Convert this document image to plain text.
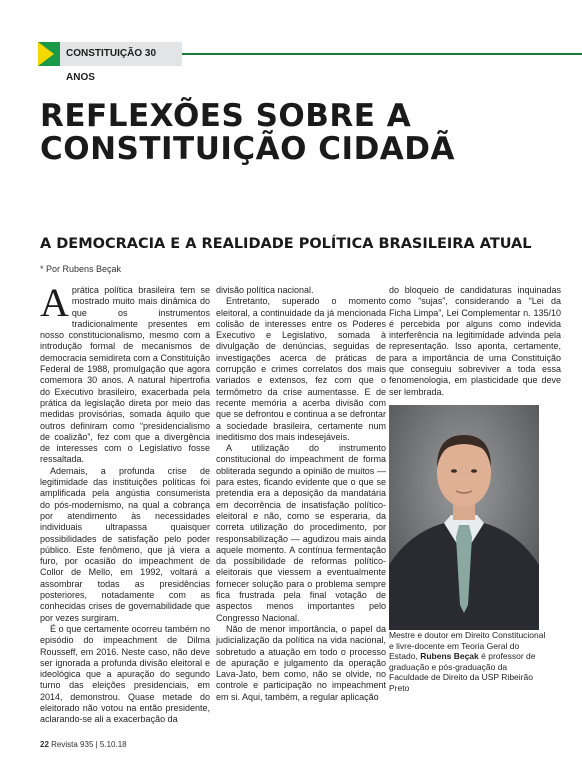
CONSTITUIÇÃO 30 ANOS
REFLEXÕES SOBRE A
CONSTITUIÇÃO CIDADÃ
A DEMOCRACIA E A REALIDADE POLÍTICA BRASILEIRA ATUAL
* Por Rubens Beçak

Aprática política brasileira tem se mostrado muito mais dinâmica do que os instrumentos tradicionalmente presentes em nosso constitucionalismo, mesmo com a introdução formal de mecanismos de democracia semidireta com a Constituição Federal de 1988, promulgação que agora comemora 30 anos. A natural hipertrofia do Executivo brasileiro, exacerbada pela prática da legislação direta por meio das medidas provisórias, somada àquilo que outros definiram como “presidencialismo de coalizão”, fez com que a divergência de interesses com o Legislativo fosse ressaltada.

Ademais, a profunda crise de legitimidade das instituições políticas foi amplificada pela angústia consumerista do pós-modernismo, na qual a cobrança por atendimento às necessidades individuais ultrapassa quaisquer possibilidades de satisfação pelo poder público. Este fenômeno, que já viera a furo, por ocasião do impeachment de Collor de Mello, em 1992, voltará a assombrar todas as presidências posteriores, notadamente com as conhecidas crises de governabilidade que por vezes surgiram.

É o que certamente ocorreu também no episódio do impeachment de Dilma Rousseff, em 2016. Neste caso, não deve ser ignorada a profunda divisão eleitoral e ideológica que a apuração do segundo turno das eleições presidenciais, em 2014, demonstrou. Quase metade do eleitorado não votou na então presidente, aclarando-se ali a exacerbação da

divisão política nacional.

Entretanto, superado o momento eleitoral, a continuidade da já mencionada colisão de interesses entre os Poderes Executivo e Legislativo, somada à divulgação de denúncias, seguidas de investigações acerca de práticas de corrupção e crimes correlatos dos mais variados e extensos, fez com que o termômetro da crise aumentasse. E de recente memória a acerba divisão com que se defrontou e continua a se defrontar a sociedade brasileira, certamente num ineditismo dos mais indesejáveis.

A utilização do instrumento constitucional do impeachment de forma obliterada segundo a opinião de muitos — para estes, ficando evidente que o que se pretendia era a deposição da mandatária em decorrência de insatisfação político-eleitoral e não, como se esperaria, da correta utilização do procedimento, por responsabilização — agudizou mais ainda aquele momento. A contínua fermentação da possibilidade de reformas político-eleitorais que viessem a eventualmente fornecer solução para o problema sempre fica frustrada pela final votação de aspectos menos importantes pelo Congresso Nacional.

Não de menor importância, o papel da judicialização da política na vida nacional, sobretudo a atuação em todo o processo de apuração e julgamento da operação Lava-Jato, bem como, não se olvide, no controle e participação no impeachment em si. Aqui, também, a regular aplicação

do bloqueio de candidaturas inquinadas como “sujas”, considerando a “Lei da Ficha Limpa”, Lei Complementar n. 135/10 é percebida por alguns como indevida interferência na legitimidade advinda pela representação. Isso aponta, certamente, para a importância de uma Constituição que conseguiu sobreviver a toda essa fenomenologia, em plasticidade que deve ser lembrada.

Mestre e doutor em Direito Constitucional e livre-docente em Teoria Geral do Estado, Rubens Beçak é professor de graduação e pós-graduação da Faculdade de Direito da USP Ribeirão Preto
22 Revista 935 | 5.10.18
